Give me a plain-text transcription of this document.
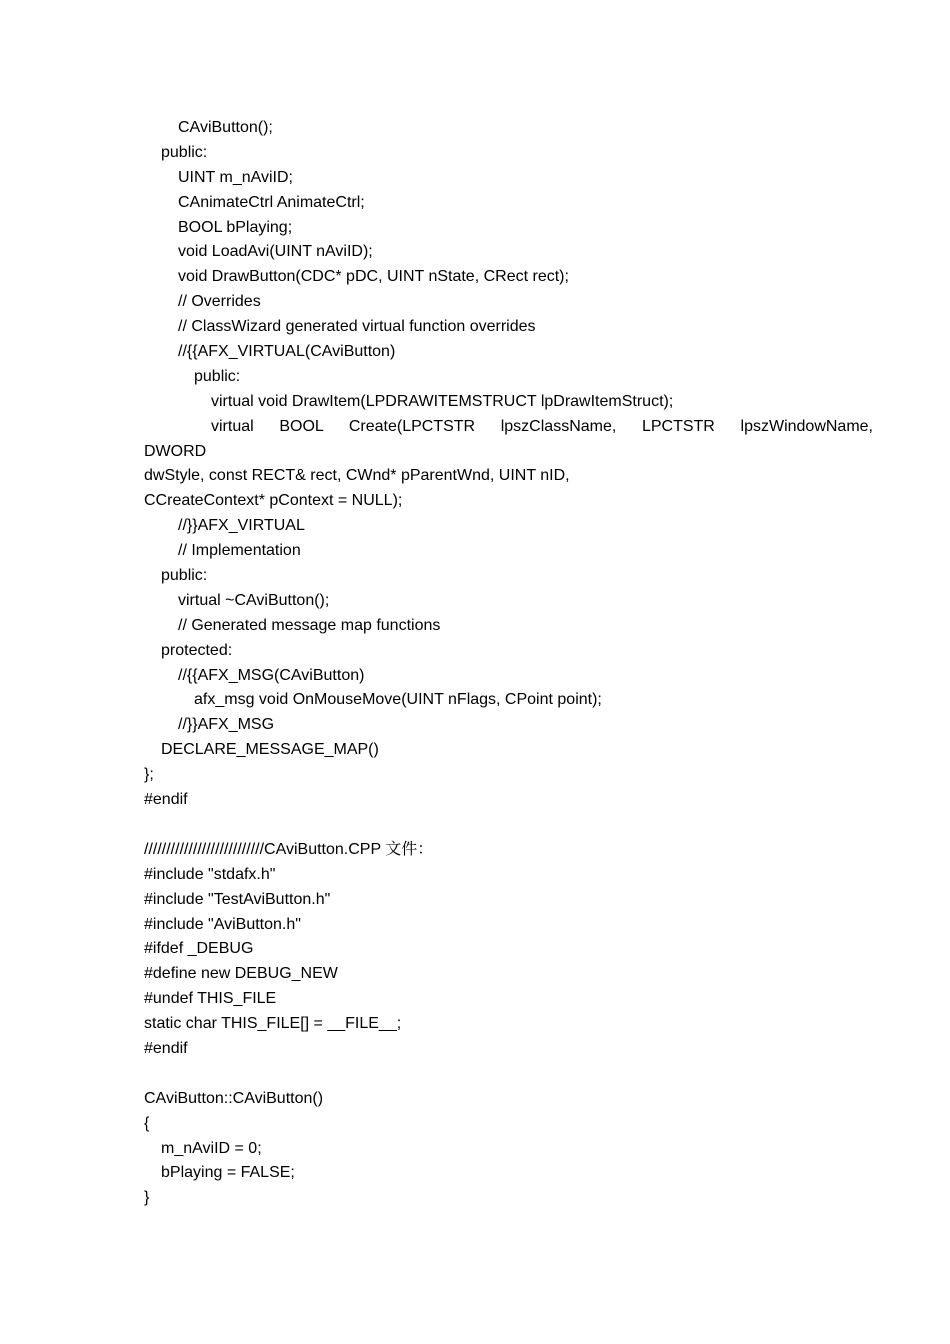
CAviButton();
public:
UINT m_nAviID;
CAnimateCtrl AnimateCtrl;
BOOL bPlaying;
void LoadAvi(UINT nAviID);
void DrawButton(CDC* pDC, UINT nState, CRect rect);
// Overrides
// ClassWizard generated virtual function overrides
//{{AFX_VIRTUAL(CAviButton)
public:
virtual void DrawItem(LPDRAWITEMSTRUCT lpDrawItemStruct);
virtual BOOL Create(LPCTSTR lpszClassName, LPCTSTR lpszWindowName,
DWORD
dwStyle, const RECT& rect, CWnd* pParentWnd, UINT nID,
CCreateContext* pContext = NULL);
//}}AFX_VIRTUAL
// Implementation
public:
virtual ~CAviButton();
// Generated message map functions
protected:
//{{AFX_MSG(CAviButton)
afx_msg void OnMouseMove(UINT nFlags, CPoint point);
//}}AFX_MSG
DECLARE_MESSAGE_MAP()
};
#endif

///////////////////////////CAviButton.CPP 文件：
#include "stdafx.h"
#include "TestAviButton.h"
#include "AviButton.h"
#ifdef _DEBUG
#define new DEBUG_NEW
#undef THIS_FILE
static char THIS_FILE[] = __FILE__;
#endif

CAviButton::CAviButton()
{
m_nAviID = 0;
bPlaying = FALSE;
}
